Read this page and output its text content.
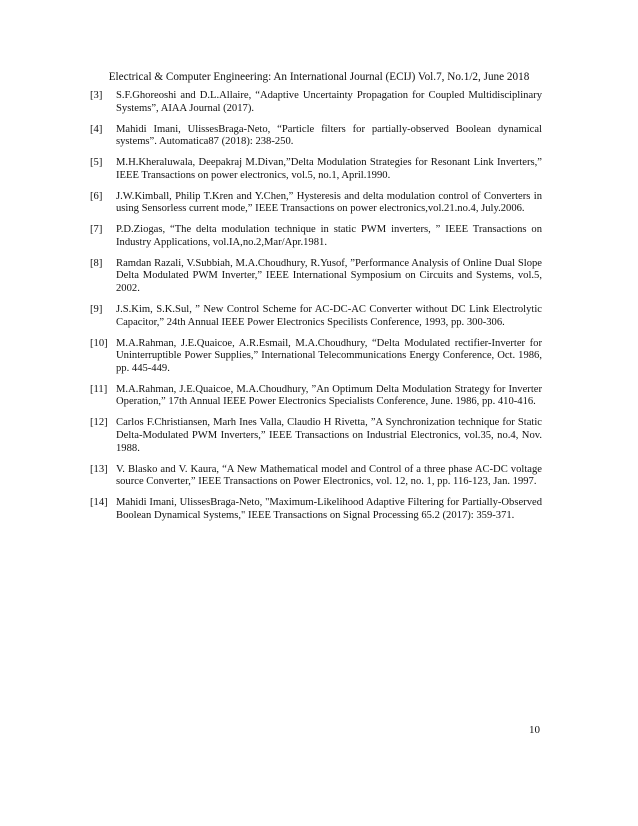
Electrical & Computer Engineering: An International Journal (ECIJ) Vol.7, No.1/2, June 2018
[3] S.F.Ghoreoshi and D.L.Allaire, “Adaptive Uncertainty Propagation for Coupled Multidisciplinary Systems”, AIAA Journal (2017).
[4] Mahidi Imani, UlissesBraga-Neto, “Particle filters for partially-observed Boolean dynamical systems”. Automatica87 (2018): 238-250.
[5] M.H.Kheraluwala, Deepakraj M.Divan,”Delta Modulation Strategies for Resonant Link Inverters,” IEEE Transactions on power electronics, vol.5, no.1, April.1990.
[6] J.W.Kimball, Philip T.Kren and Y.Chen,” Hysteresis and delta modulation control of Converters in using Sensorless current mode,” IEEE Transactions on power electronics,vol.21.no.4, July.2006.
[7] P.D.Ziogas, “The delta modulation technique in static PWM inverters, ” IEEE Transactions on Industry Applications, vol.IA,no.2,Mar/Apr.1981.
[8] Ramdan Razali, V.Subbiah, M.A.Choudhury, R.Yusof, ”Performance Analysis of Online Dual Slope Delta Modulated PWM Inverter,” IEEE International Symposium on Circuits and Systems, vol.5, 2002.
[9] J.S.Kim, S.K.Sul, ” New Control Scheme for AC-DC-AC Converter without DC Link Electrolytic Capacitor,” 24th Annual IEEE Power Electronics Specilists Conference, 1993, pp. 300-306.
[10] M.A.Rahman, J.E.Quaicoe, A.R.Esmail, M.A.Choudhury, “Delta Modulated rectifier-Inverter for Uninterruptible Power Supplies,” International Telecommunications Energy Conference, Oct. 1986, pp. 445-449.
[11] M.A.Rahman, J.E.Quaicoe, M.A.Choudhury, ”An Optimum Delta Modulation Strategy for Inverter Operation,” 17th Annual IEEE Power Electronics Specialists Conference, June. 1986, pp. 410-416.
[12] Carlos F.Christiansen, Marh Ines Valla, Claudio H Rivetta, ”A Synchronization technique for Static Delta-Modulated PWM Inverters,” IEEE Transactions on Industrial Electronics, vol.35, no.4, Nov. 1988.
[13] V. Blasko and V. Kaura, “A New Mathematical model and Control of a three phase AC-DC voltage source Converter,” IEEE Transactions on Power Electronics, vol. 12, no. 1, pp. 116-123, Jan. 1997.
[14] Mahidi Imani, UlissesBraga-Neto, "Maximum-Likelihood Adaptive Filtering for Partially-Observed Boolean Dynamical Systems," IEEE Transactions on Signal Processing 65.2 (2017): 359-371.
10
